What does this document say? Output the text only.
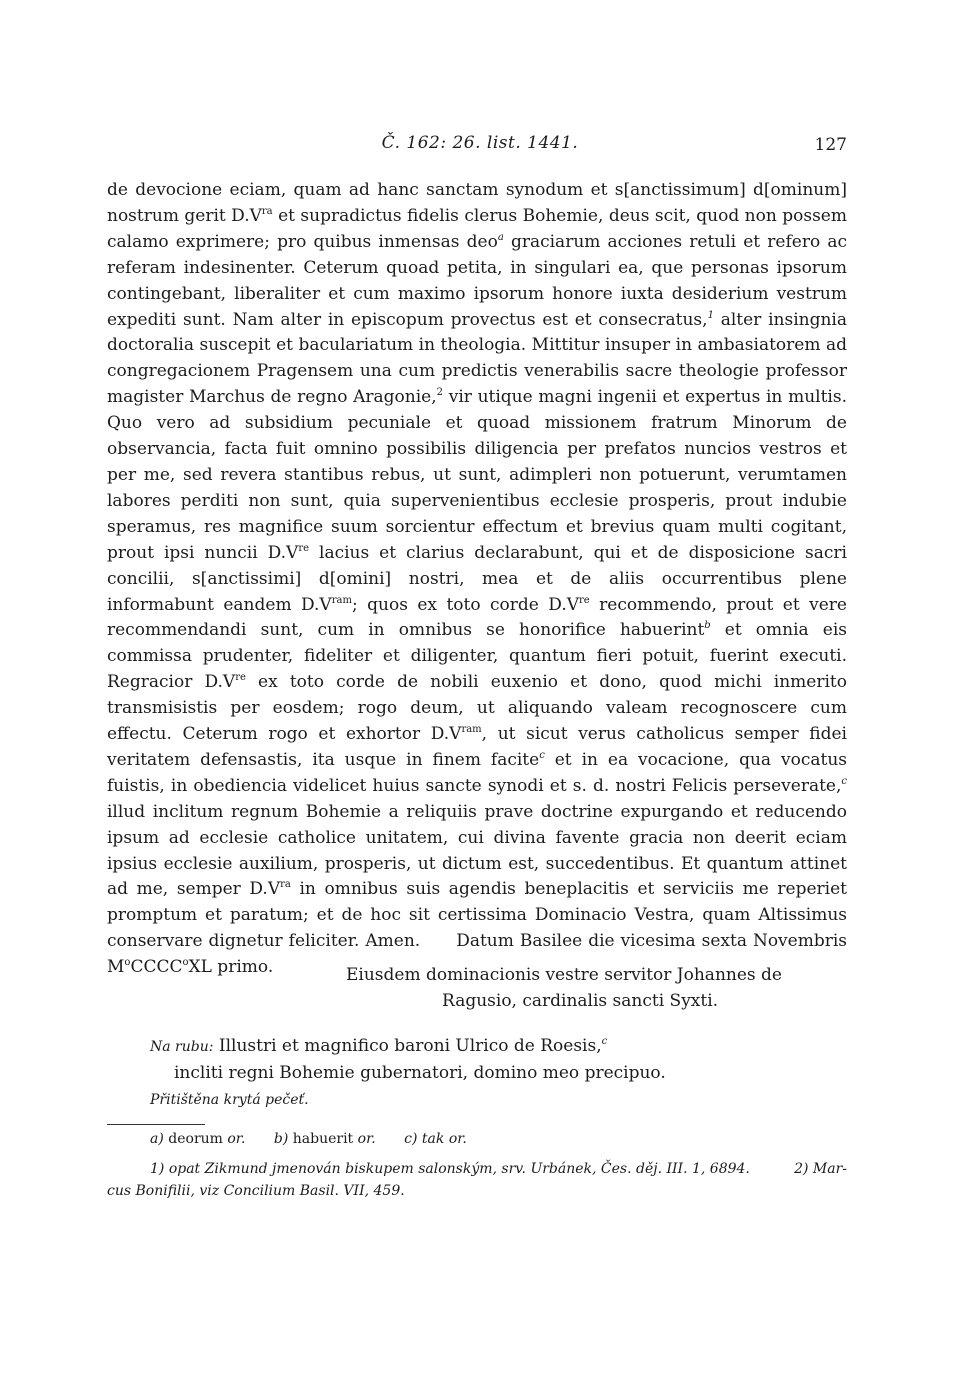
Č. 162: 26. list. 1441.	127

de devocione eciam, quam ad hanc sanctam synodum et s[anctissimum] d[ominum] nostrum gerit $D.V^{ra}$ et supradictus fidelis clerus Bohemie, deus scit, quod non possem calamo exprimere; pro quibus inmensas deo$^a$ graciarum acciones retuli et refero ac referam indesinenter. Ceterum quoad petita, in singulari ea, que personas ipsorum contingebant, liberaliter et cum maximo ipsorum honore iuxta desiderium vestrum expediti sunt. Nam alter in episcopum provectus est et consecratus,$^1$ alter insingnia doctoralia suscepit et baculariatum in theologia. Mittitur insuper in ambasiatorem ad congregacionem Pragensem una cum predictis venerabilis sacre theologie professor magister Marchus de regno Aragonie,$^2$ vir utique magni ingenii et expertus in multis. Quo vero ad subsidium pecuniale et quoad missionem fratrum Minorum de observancia, facta fuit omnino possibilis diligencia per prefatos nuncios vestros et per me, sed revera stantibus rebus, ut sunt, adimpleri non potuerunt, verumtamen labores perditi non sunt, quia supervenientibus ecclesie prosperis, prout indubie speramus, res magnifice suum sorcientur effectum et brevius quam multi cogitant, prout ipsi nuncii D.Vre lacius et clarius declarabunt, qui et de disposicione sacri concilii, s[anctissimi] d[omini] nostri, mea et de aliis occurrentibus plene informabunt eandem $D.V^{ram}$; quos ex toto corde D.Vre recommendo, prout et vere recommendandi sunt, cum in omnibus se honorifice habuerint$^b$ et omnia eis commissa prudenter, fideliter et diligenter, quantum fieri potuit, fuerint executi. Regracior D.Vre ex toto corde de nobili euxenio et dono, quod michi inmerito transmisistis per eosdem; rogo deum, ut aliquando valeam recognoscere cum effectu. Ceterum rogo et exhortor $D.V^{ram}$, ut sicut verus catholicus semper fidei veritatem defensastis, ita usque in finem facite$^c$ et in ea vocacione, qua vocatus fuistis, in obediencia videlicet huius sancte synodi et s. d. nostri Felicis perseverate,$^c$ illud inclitum regnum Bohemie a reliquiis prave doctrine expurgando et reducendo ipsum ad ecclesie catholice unitatem, cui divina favente gracia non deerit eciam ipsius ecclesie auxilium, prosperis, ut dictum est, succedentibus. Et quantum attinet ad me, semper $D.V^{ra}$ in omnibus suis agendis beneplacitis et serviciis me reperiet promptum et paratum; et de hoc sit certissima Dominacio Vestra, quam Altissimus conservare dignetur feliciter. Amen. Datum Basilee die vicesima sexta Novembris $M^oCCCC^oXL$ primo.	Eiusdem dominacionis vestre servitor Johannes de
Ragusio, cardinalis sancti Syxti.
Na rubu: Illustri et magnifico baroni Ulrico de Roesis,$^c$
incliti regni Bohemie gubernatori, domino meo precipuo.
Přitištěna krytá pečeť.
a) deorum or. b) habuerit or. c) tak or.
2) Mar-
1) opat Zikmund jmenován biskupem salonským, srv. Urbánek, Čes. děj. III. 1, 6894.
cus Bonifilii, viz Concilium Basil. VII, 459.
